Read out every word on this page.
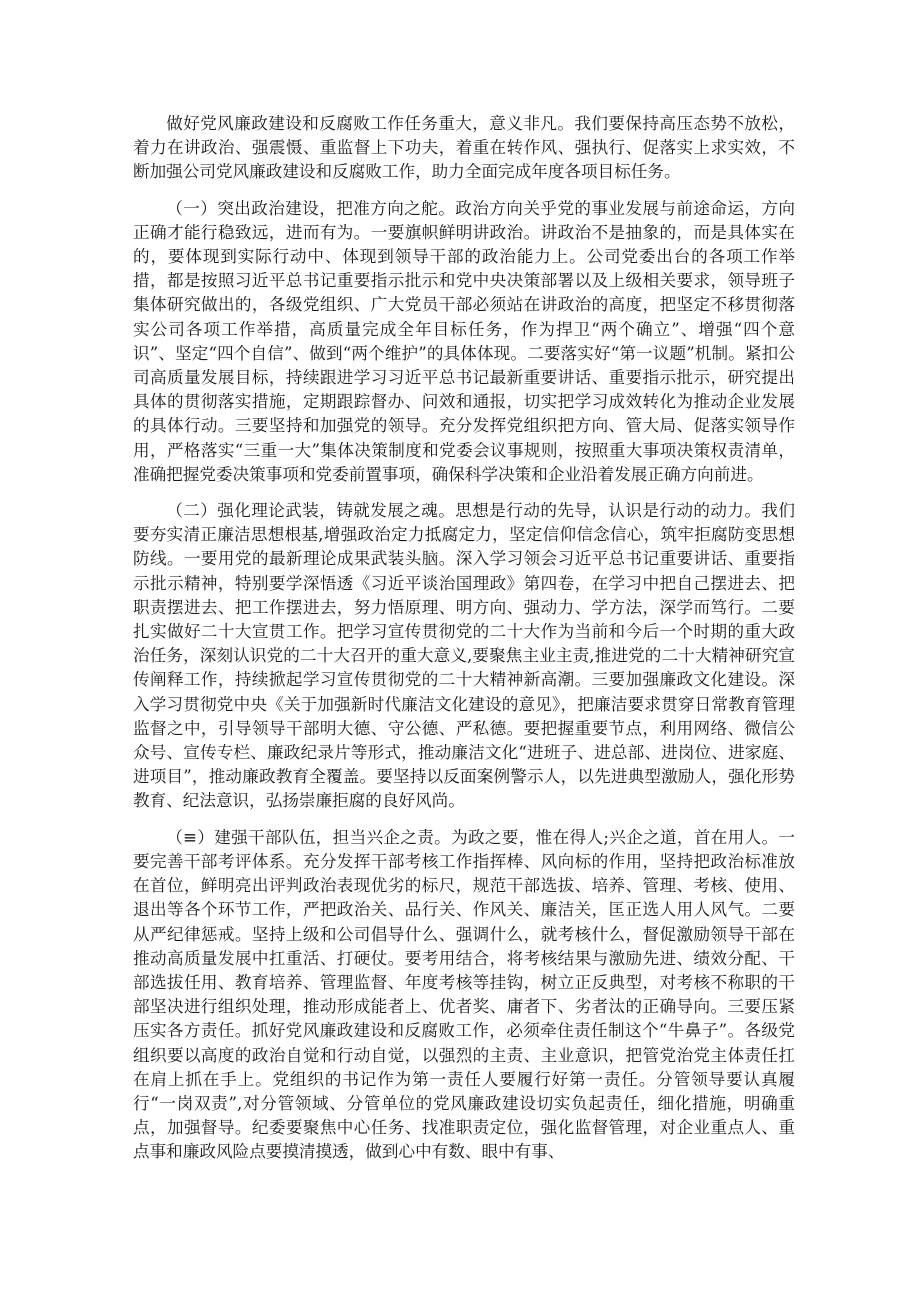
做好党风廉政建设和反腐败工作任务重大，意义非凡。我们要保持高压态势不放松，着力在讲政治、强震慑、重监督上下功夫，着重在转作风、强执行、促落实上求实效，不断加强公司党风廉政建设和反腐败工作，助力全面完成年度各项目标任务。

（一）突出政治建设，把准方向之舵。政治方向关乎党的事业发展与前途命运，方向正确才能行稳致远，进而有为。一要旗帜鲜明讲政治。讲政治不是抽象的，而是具体实在的，要体现到实际行动中、体现到领导干部的政治能力上。公司党委出台的各项工作举措，都是按照习近平总书记重要指示批示和党中央决策部署以及上级相关要求，领导班子集体研究做出的，各级党组织、广大党员干部必须站在讲政治的高度，把坚定不移贯彻落实公司各项工作举措，高质量完成全年目标任务，作为捍卫“两个确立”、增强“四个意识”、坚定“四个自信”、做到“两个维护”的具体体现。二要落实好“第一议题”机制。紧扣公司高质量发展目标，持续跟进学习习近平总书记最新重要讲话、重要指示批示，研究提出具体的贯彻落实措施，定期跟踪督办、问效和通报，切实把学习成效转化为推动企业发展的具体行动。三要坚持和加强党的领导。充分发挥党组织把方向、管大局、促落实领导作用，严格落实“三重一大”集体决策制度和党委会议事规则，按照重大事项决策权责清单，准确把握党委决策事项和党委前置事项，确保科学决策和企业沿着发展正确方向前进。

（二）强化理论武装，铸就发展之魂。思想是行动的先导，认识是行动的动力。我们要夯实清正廉洁思想根基,增强政治定力抵腐定力，坚定信仰信念信心，筑牢拒腐防变思想防线。一要用党的最新理论成果武装头脑。深入学习领会习近平总书记重要讲话、重要指示批示精神，特别要学深悟透《习近平谈治国理政》第四卷，在学习中把自己摆进去、把职责摆进去、把工作摆进去，努力悟原理、明方向、强动力、学方法，深学而笃行。二要扎实做好二十大宣贯工作。把学习宣传贯彻党的二十大作为当前和今后一个时期的重大政治任务，深刻认识党的二十大召开的重大意义,要聚焦主业主责,推进党的二十大精神研究宣传阐释工作，持续掀起学习宣传贯彻党的二十大精神新高潮。三要加强廉政文化建设。深入学习贯彻党中央《关于加强新时代廉洁文化建设的意见》，把廉洁要求贯穿日常教育管理监督之中，引导领导干部明大德、守公德、严私德。要把握重要节点，利用网络、微信公众号、宣传专栏、廉政纪录片等形式，推动廉洁文化“进班子、进总部、进岗位、进家庭、进项目”，推动廉政教育全覆盖。要坚持以反面案例警示人，以先进典型激励人，强化形势教育、纪法意识，弘扬崇廉拒腐的良好风尚。

（≡）建强干部队伍，担当兴企之责。为政之要，惟在得人;兴企之道，首在用人。一要完善干部考评体系。充分发挥干部考核工作指挥棒、风向标的作用，坚持把政治标准放在首位，鲜明亮出评判政治表现优劣的标尺，规范干部选拔、培养、管理、考核、使用、退出等各个环节工作，严把政治关、品行关、作风关、廉洁关，匡正选人用人风气。二要从严纪律惩戒。坚持上级和公司倡导什么、强调什么，就考核什么，督促激励领导干部在推动高质量发展中扛重活、打硬仗。要考用结合，将考核结果与激励先进、绩效分配、干部选拔任用、教育培养、管理监督、年度考核等挂钩，树立正反典型，对考核不称职的干部坚决进行组织处理，推动形成能者上、优者奖、庸者下、劣者汰的正确导向。三要压紧压实各方责任。抓好党风廉政建设和反腐败工作，必须牵住责任制这个“牛鼻子”。各级党组织要以高度的政治自觉和行动自觉，以强烈的主责、主业意识，把管党治党主体责任扛在肩上抓在手上。党组织的书记作为第一责任人要履行好第一责任。分管领导要认真履行“一岗双责”,对分管领域、分管单位的党风廉政建设切实负起责任，细化措施，明确重点，加强督导。纪委要聚焦中心任务、找准职责定位，强化监督管理，对企业重点人、重点事和廉政风险点要摸清摸透，做到心中有数、眼中有事、
